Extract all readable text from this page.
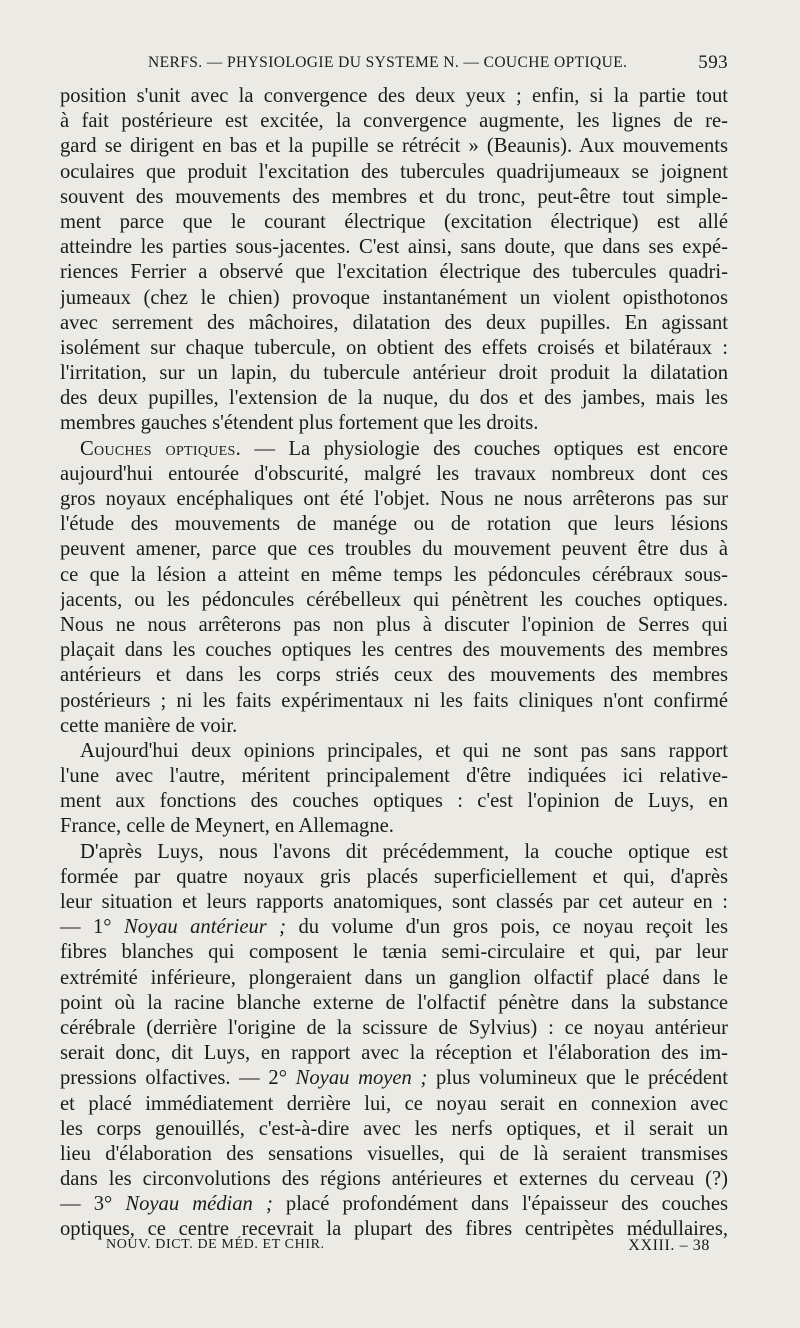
NERFS. — PHYSIOLOGIE DU SYSTEME N. — COUCHE OPTIQUE.	593
position s'unit avec la convergence des deux yeux ; enfin, si la partie tout
à fait postérieure est excitée, la convergence augmente, les lignes de re-
gard se dirigent en bas et la pupille se rétrécit » (Beaunis). Aux mouvements
oculaires que produit l'excitation des tubercules quadrijumeaux se joignent
souvent des mouvements des membres et du tronc, peut-être tout simple-
ment parce que le courant électrique (excitation électrique) est allé
atteindre les parties sous-jacentes. C'est ainsi, sans doute, que dans ses expé-
riences Ferrier a observé que l'excitation électrique des tubercules quadri-
jumeaux (chez le chien) provoque instantanément un violent opisthotonos
avec serrement des mâchoires, dilatation des deux pupilles. En agissant
isolément sur chaque tubercule, on obtient des effets croisés et bilatéraux :
l'irritation, sur un lapin, du tubercule antérieur droit produit la dilatation
des deux pupilles, l'extension de la nuque, du dos et des jambes, mais les
membres gauches s'étendent plus fortement que les droits.
Couches optiques. — La physiologie des couches optiques est encore
aujourd'hui entourée d'obscurité, malgré les travaux nombreux dont ces
gros noyaux encéphaliques ont été l'objet. Nous ne nous arrêterons pas sur
l'étude des mouvements de manége ou de rotation que leurs lésions
peuvent amener, parce que ces troubles du mouvement peuvent être dus à
ce que la lésion a atteint en même temps les pédoncules cérébraux sous-
jacents, ou les pédoncules cérébelleux qui pénètrent les couches optiques.
Nous ne nous arrêterons pas non plus à discuter l'opinion de Serres qui
plaçait dans les couches optiques les centres des mouvements des membres
antérieurs et dans les corps striés ceux des mouvements des membres
postérieurs ; ni les faits expérimentaux ni les faits cliniques n'ont confirmé
cette manière de voir.
Aujourd'hui deux opinions principales, et qui ne sont pas sans rapport
l'une avec l'autre, méritent principalement d'être indiquées ici relative-
ment aux fonctions des couches optiques : c'est l'opinion de Luys, en
France, celle de Meynert, en Allemagne.
D'après Luys, nous l'avons dit précédemment, la couche optique est
formée par quatre noyaux gris placés superficiellement et qui, d'après
leur situation et leurs rapports anatomiques, sont classés par cet auteur en :
— 1° Noyau antérieur ; du volume d'un gros pois, ce noyau reçoit les
fibres blanches qui composent le tænia semi-circulaire et qui, par leur
extrémité inférieure, plongeraient dans un ganglion olfactif placé dans le
point où la racine blanche externe de l'olfactif pénètre dans la substance
cérébrale (derrière l'origine de la scissure de Sylvius) : ce noyau antérieur
serait donc, dit Luys, en rapport avec la réception et l'élaboration des im-
pressions olfactives. — 2° Noyau moyen ; plus volumineux que le précédent
et placé immédiatement derrière lui, ce noyau serait en connexion avec
les corps genouillés, c'est-à-dire avec les nerfs optiques, et il serait un
lieu d'élaboration des sensations visuelles, qui de là seraient transmises
dans les circonvolutions des régions antérieures et externes du cerveau (?)
— 3° Noyau médian ; placé profondément dans l'épaisseur des couches
optiques, ce centre recevrait la plupart des fibres centripètes médullaires,
NOUV. DICT. DE MÉD. ET CHIR.	XXIII. – 38
